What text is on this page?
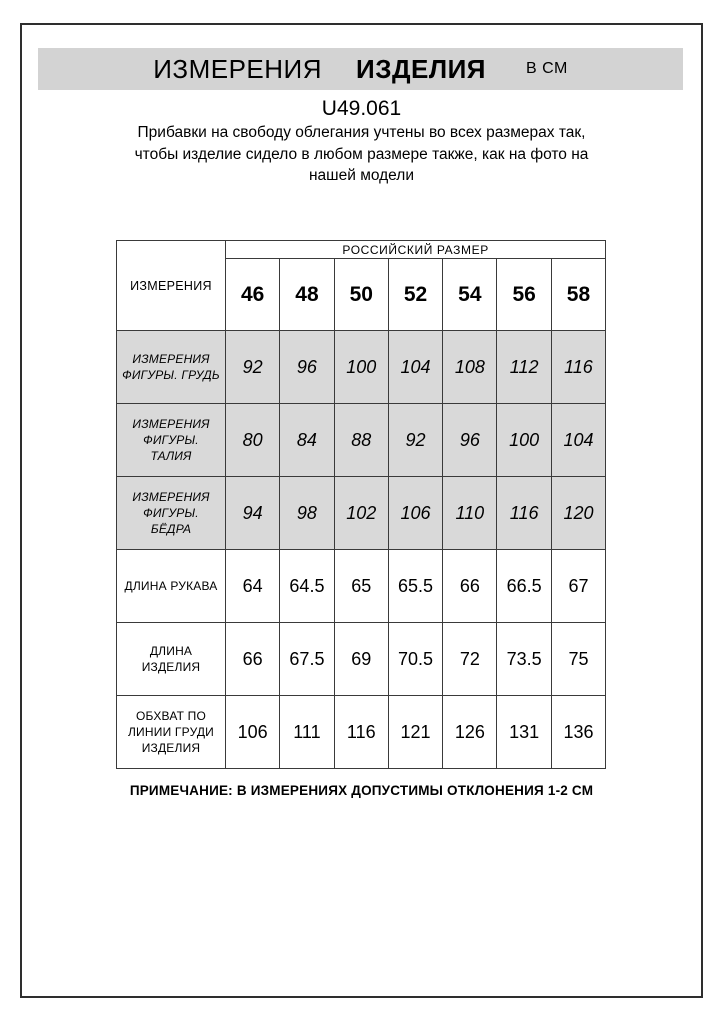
ИЗМЕРЕНИЯ ИЗДЕЛИЯ	В СМ
U49.061
Прибавки на свободу облегания учтены во всех размерах так,
чтобы изделие сидело в любом размере также, как на фото на
нашей модели
ИЗМЕРЕНИЯ	РОССИЙСКИЙ РАЗМЕР						
	46	48	50	52	54	56	58
ИЗМЕРЕНИЯ ФИГУРЫ. ГРУДЬ	92	96	100	104	108	112	116
ИЗМЕРЕНИЯ ФИГУРЫ. ТАЛИЯ	80	84	88	92	96	100	104
ИЗМЕРЕНИЯ ФИГУРЫ. БЁДРА	94	98	102	106	110	116	120
ДЛИНА РУКАВА	64	64.5	65	65.5	66	66.5	67
ДЛИНА ИЗДЕЛИЯ	66	67.5	69	70.5	72	73.5	75
ОБХВАТ ПО ЛИНИИ ГРУДИ ИЗДЕЛИЯ	106	111	116	121	126	131	136
ПРИМЕЧАНИЕ: В ИЗМЕРЕНИЯХ ДОПУСТИМЫ ОТКЛОНЕНИЯ 1-2 СМ
